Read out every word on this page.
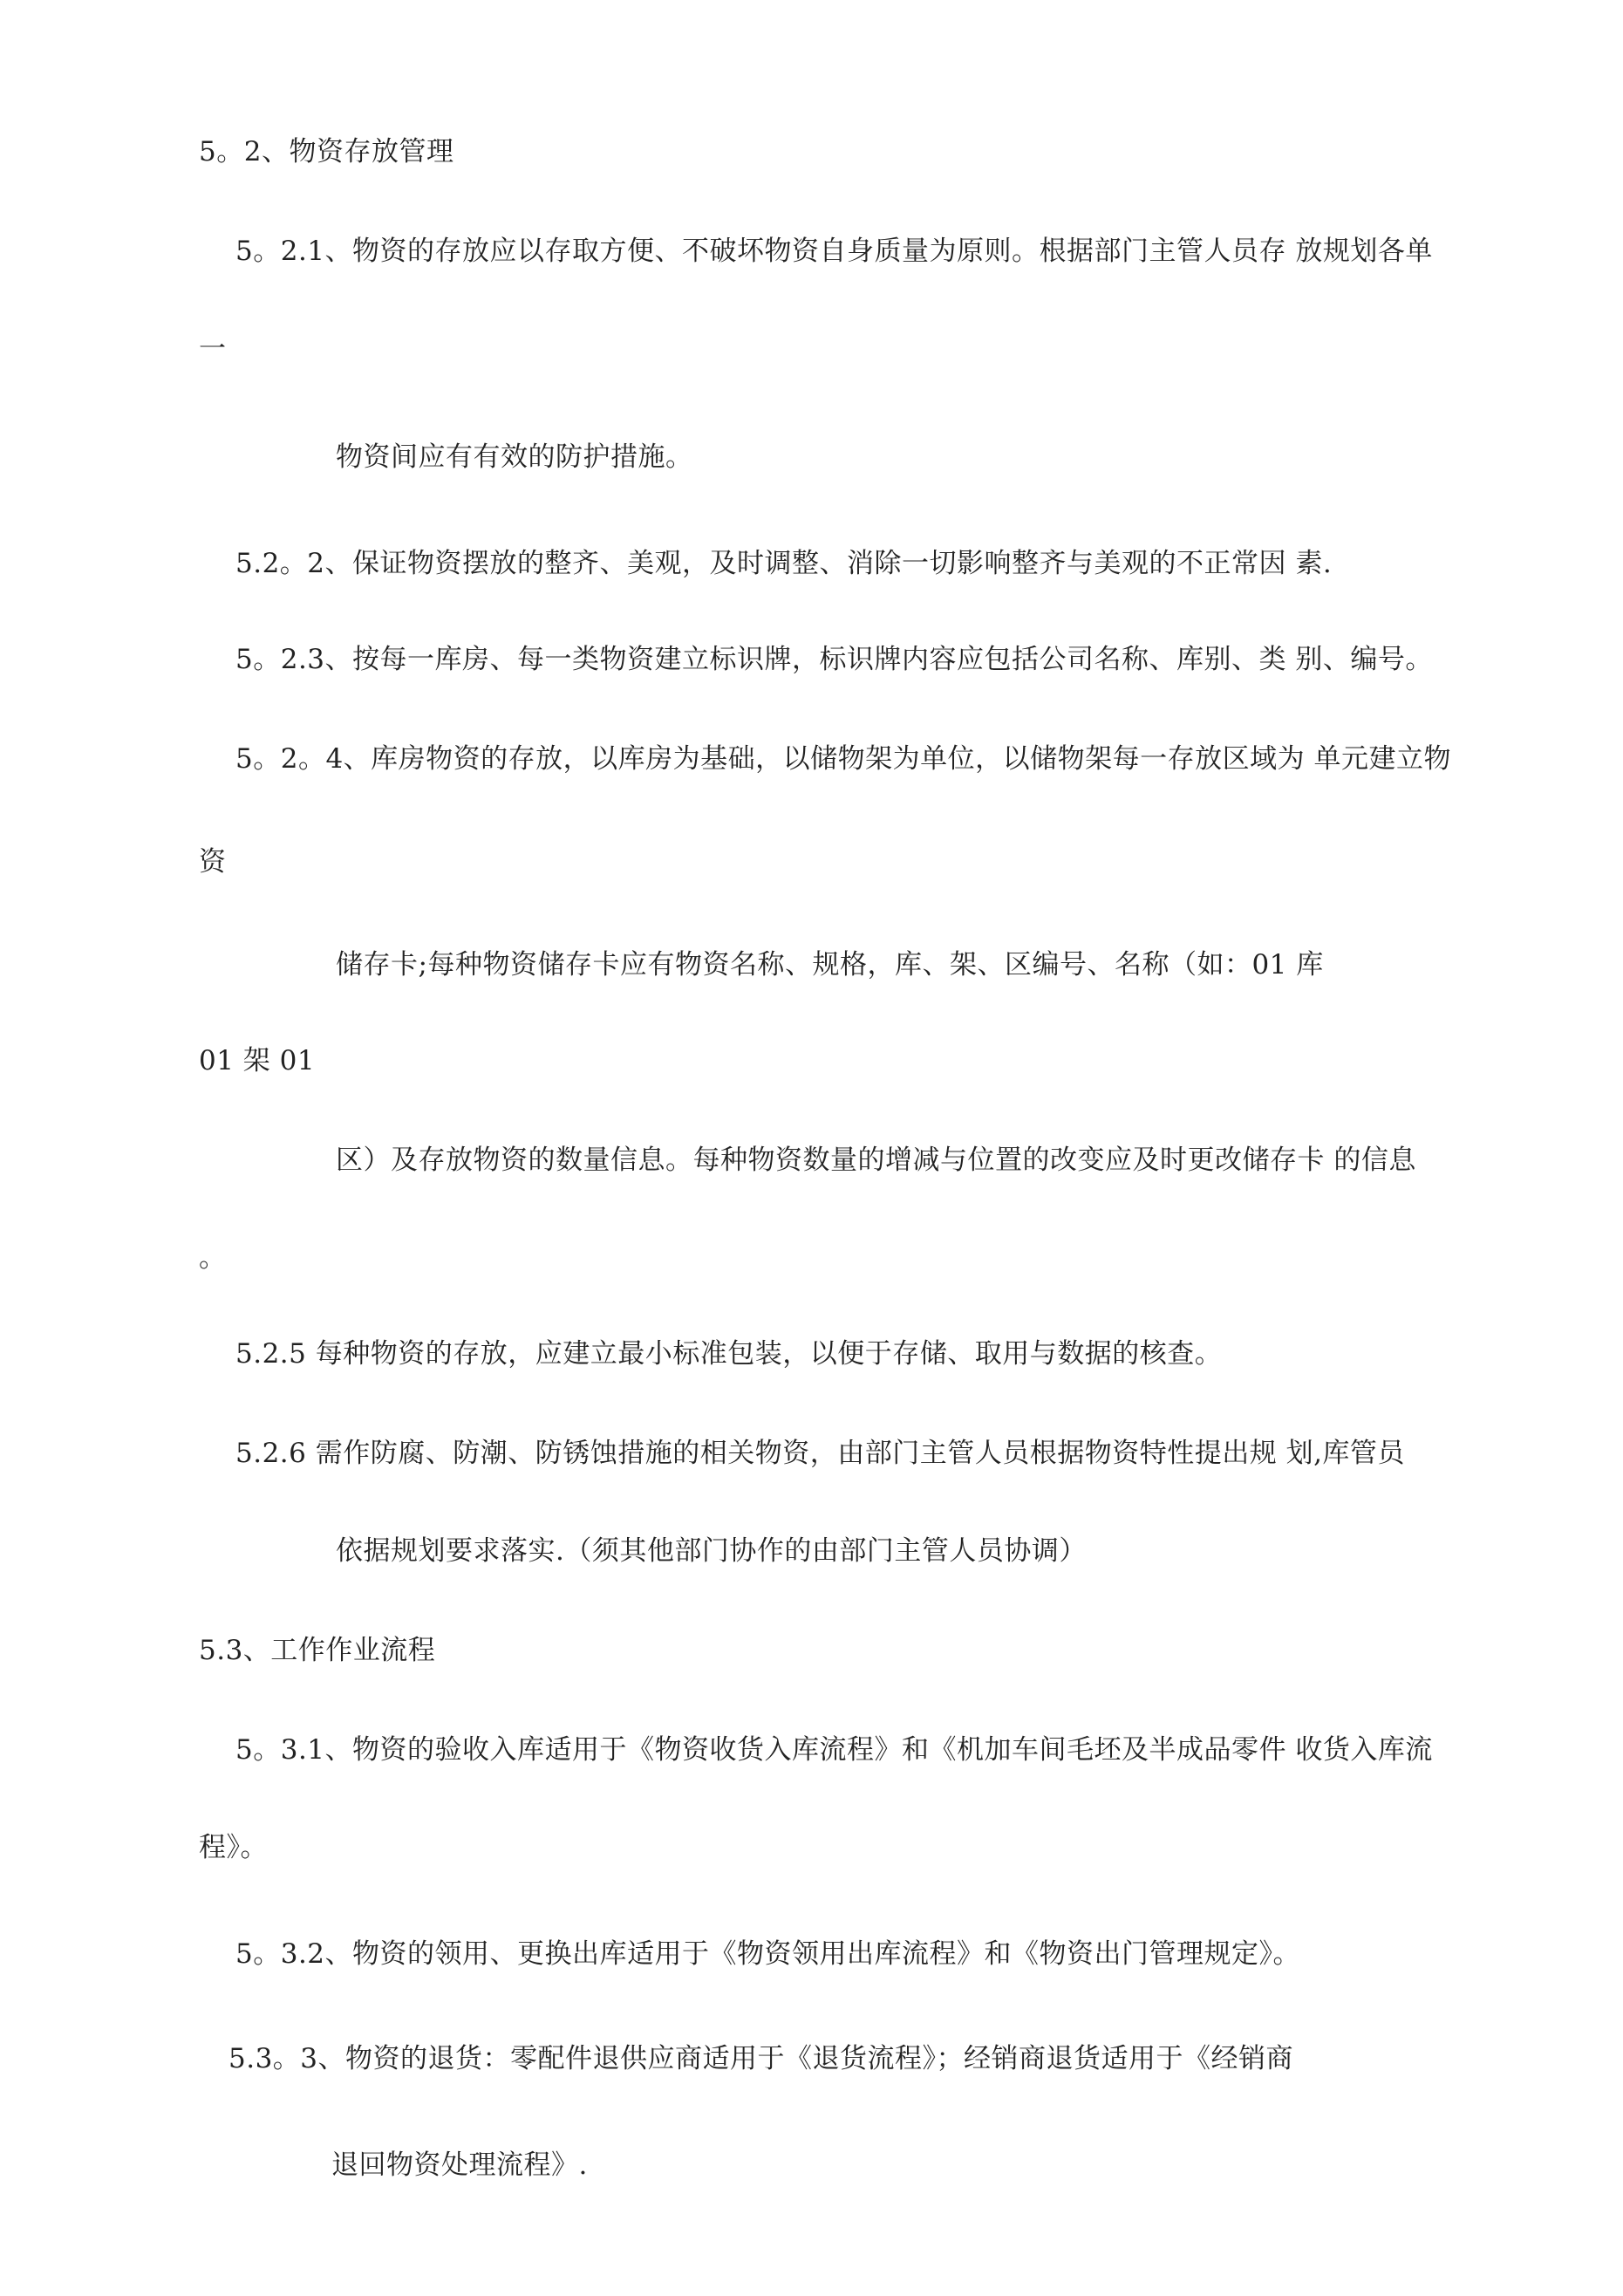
5。2、物资存放管理
5。2.1、物资的存放应以存取方便、不破坏物资自身质量为原则。根据部门主管人员存 放规划各单
一
物资间应有有效的防护措施。
5.2。2、保证物资摆放的整齐、美观，及时调整、消除一切影响整齐与美观的不正常因 素.
5。2.3、按每一库房、每一类物资建立标识牌，标识牌内容应包括公司名称、库别、类 别、编号。
5。2。4、库房物资的存放，以库房为基础，以储物架为单位，以储物架每一存放区域为 单元建立物
资
储存卡;每种物资储存卡应有物资名称、规格，库、架、区编号、名称（如：01 库
01 架 01
区）及存放物资的数量信息。每种物资数量的增减与位置的改变应及时更改储存卡 的信息
。
5.2.5 每种物资的存放，应建立最小标准包装，以便于存储、取用与数据的核查。
5.2.6 需作防腐、防潮、防锈蚀措施的相关物资，由部门主管人员根据物资特性提出规 划,库管员
依据规划要求落实.（须其他部门协作的由部门主管人员协调）
5.3、工作作业流程
5。3.1、物资的验收入库适用于《物资收货入库流程》和《机加车间毛坯及半成品零件 收货入库流
程》。
5。3.2、物资的领用、更换出库适用于《物资领用出库流程》和《物资出门管理规定》。
5.3。3、物资的退货：零配件退供应商适用于《退货流程》；经销商退货适用于《经销商
退回物资处理流程》.
